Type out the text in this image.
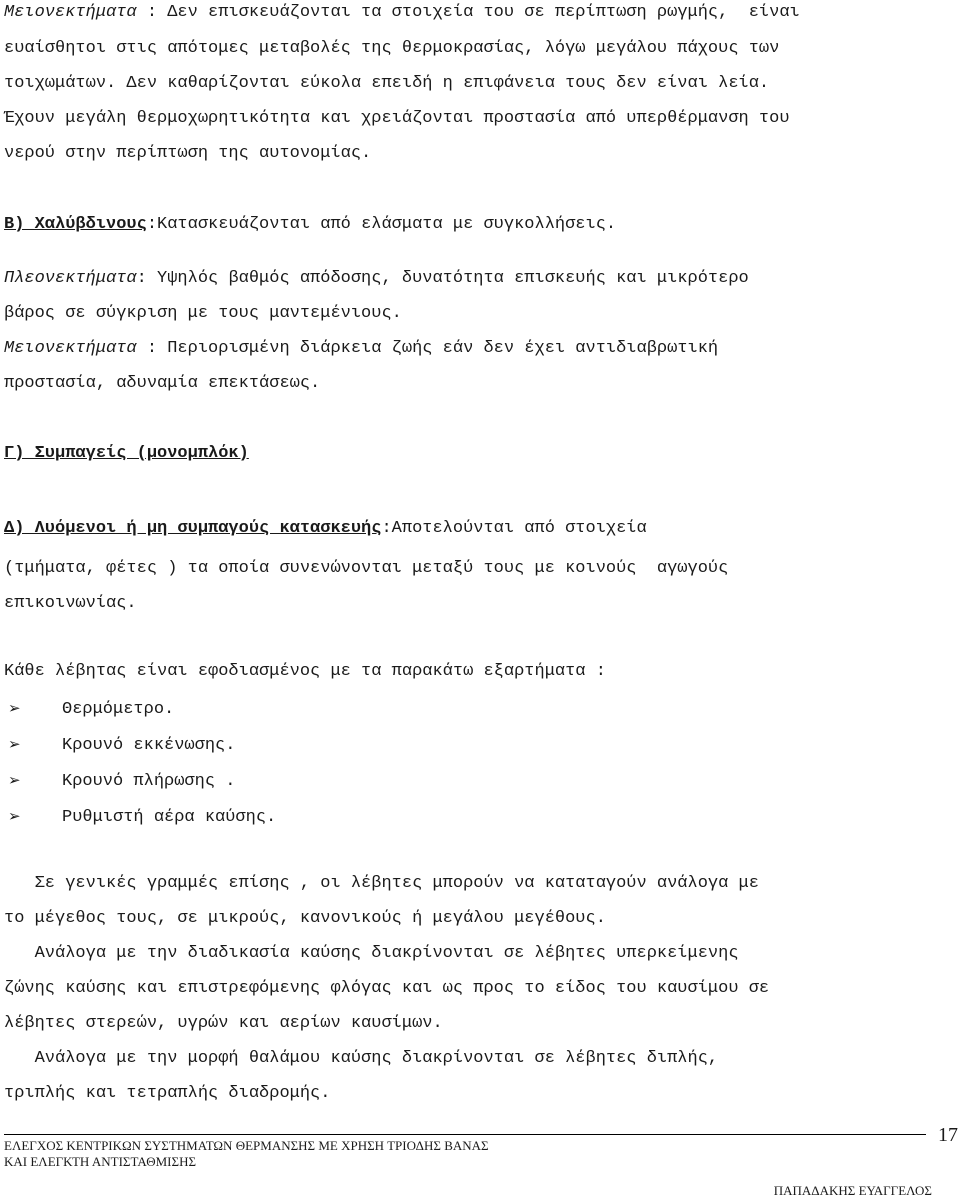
Μειονεκτήματα : Δεν επισκευάζονται τα στοιχεία του σε περίπτωση ρωγμής,  είναι
ευαίσθητοι στις απότομες μεταβολές της θερμοκρασίας, λόγω μεγάλου πάχους των
τοιχωμάτων. Δεν καθαρίζονται εύκολα επειδή η επιφάνεια τους δεν είναι λεία.
Έχουν μεγάλη θερμοχωρητικότητα και χρειάζονται προστασία από υπερθέρμανση του
νερού στην περίπτωση της αυτονομίας.
Β) Χαλύβδινους:Κατασκευάζονται από ελάσματα με συγκολλήσεις.
Πλεονεκτήματα: Υψηλός βαθμός απόδοσης, δυνατότητα επισκευής και μικρότερο
βάρος σε σύγκριση με τους μαντεμένιους.
Μειονεκτήματα : Περιορισμένη διάρκεια ζωής εάν δεν έχει αντιδιαβρωτική
προστασία, αδυναμία επεκτάσεως.
Γ) Συμπαγείς (μονομπλόκ)
Δ) Λυόμενοι ή μη συμπαγούς κατασκευής:Αποτελούνται από στοιχεία
(τμήματα, φέτες ) τα οποία συνενώνονται μεταξύ τους με κοινούς  αγωγούς
επικοινωνίας.
Κάθε λέβητας είναι εφοδιασμένος με τα παρακάτω εξαρτήματα :
➢ Θερμόμετρο.
➢ Κρουνό εκκένωσης.
➢ Κρουνό πλήρωσης .
➢ Ρυθμιστή αέρα καύσης.
Σε γενικές γραμμές επίσης , οι λέβητες μπορούν να καταταγούν ανάλογα με
το μέγεθος τους, σε μικρούς, κανονικούς ή μεγάλου μεγέθους.
Ανάλογα με την διαδικασία καύσης διακρίνονται σε λέβητες υπερκείμενης
ζώνης καύσης και επιστρεφόμενης φλόγας και ως προς το είδος του καυσίμου σε
λέβητες στερεών, υγρών και αερίων καυσίμων.
Ανάλογα με την μορφή θαλάμου καύσης διακρίνονται σε λέβητες διπλής,
τριπλής και τετραπλής διαδρομής.
ΕΛΕΓΧΟΣ ΚΕΝΤΡΙΚΩΝ ΣΥΣΤΗΜΑΤΩΝ ΘΕΡΜΑΝΣΗΣ ΜΕ ΧΡΗΣΗ ΤΡΙΟΔΗΣ ΒΑΝΑΣ
ΚΑΙ ΕΛΕΓΚΤΗ ΑΝΤΙΣΤΑΘΜΙΣΗΣ
17
ΠΑΠΑΔΑΚΗΣ ΕΥΑΓΓΕΛΟΣ
